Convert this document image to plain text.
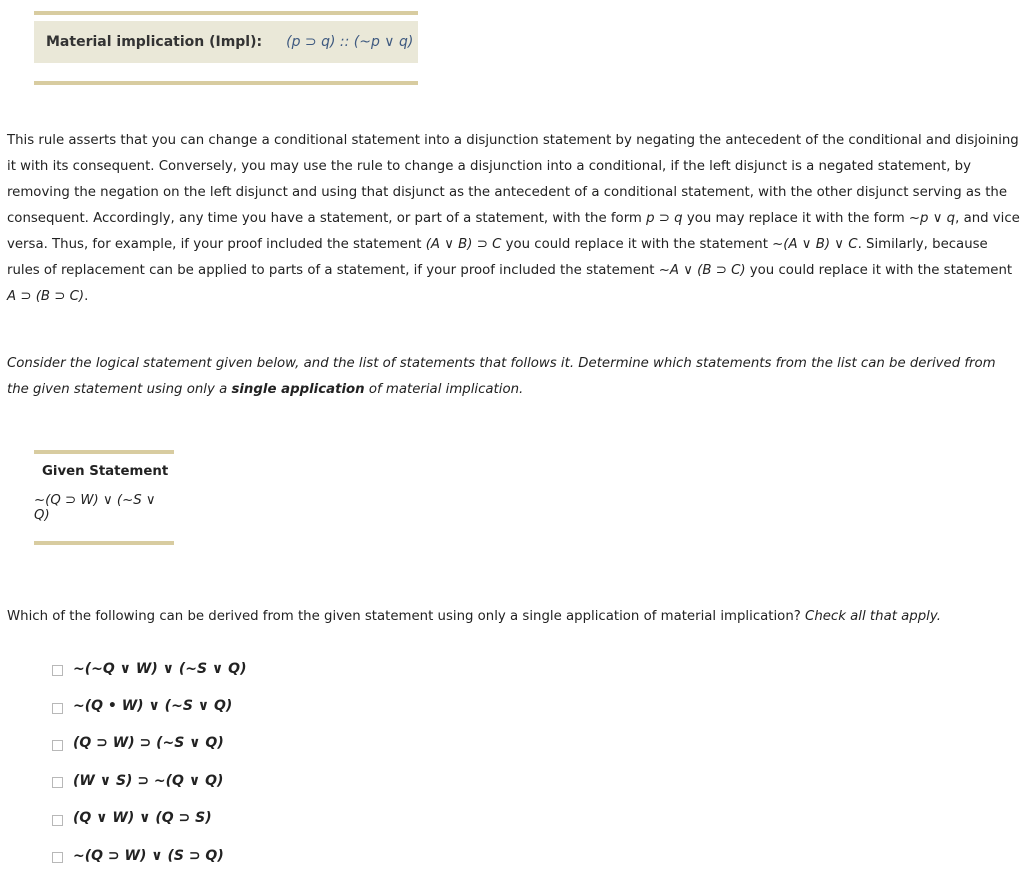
Material implication (Impl): (p ⊃ q) :: (~p ∨ q)
This rule asserts that you can change a conditional statement into a disjunction statement by negating the antecedent of the conditional and disjoining it with its consequent. Conversely, you may use the rule to change a disjunction into a conditional, if the left disjunct is a negated statement, by removing the negation on the left disjunct and using that disjunct as the antecedent of a conditional statement, with the other disjunct serving as the consequent. Accordingly, any time you have a statement, or part of a statement, with the form p ⊃ q you may replace it with the form ~p ∨ q, and vice versa. Thus, for example, if your proof included the statement (A ∨ B) ⊃ C you could replace it with the statement ~(A ∨ B) ∨ C. Similarly, because rules of replacement can be applied to parts of a statement, if your proof included the statement ~A ∨ (B ⊃ C) you could replace it with the statement A ⊃ (B ⊃ C).
Consider the logical statement given below, and the list of statements that follows it. Determine which statements from the list can be derived from the given statement using only a single application of material implication.
Given Statement
~(Q ⊃ W) ∨ (~S ∨ Q)
Which of the following can be derived from the given statement using only a single application of material implication? Check all that apply.
~(~Q ∨ W) ∨ (~S ∨ Q)
~(Q • W) ∨ (~S ∨ Q)
(Q ⊃ W) ⊃ (~S ∨ Q)
(W ∨ S) ⊃ ~(Q ∨ Q)
(Q ∨ W) ∨ (Q ⊃ S)
~(Q ⊃ W) ∨ (S ⊃ Q)
